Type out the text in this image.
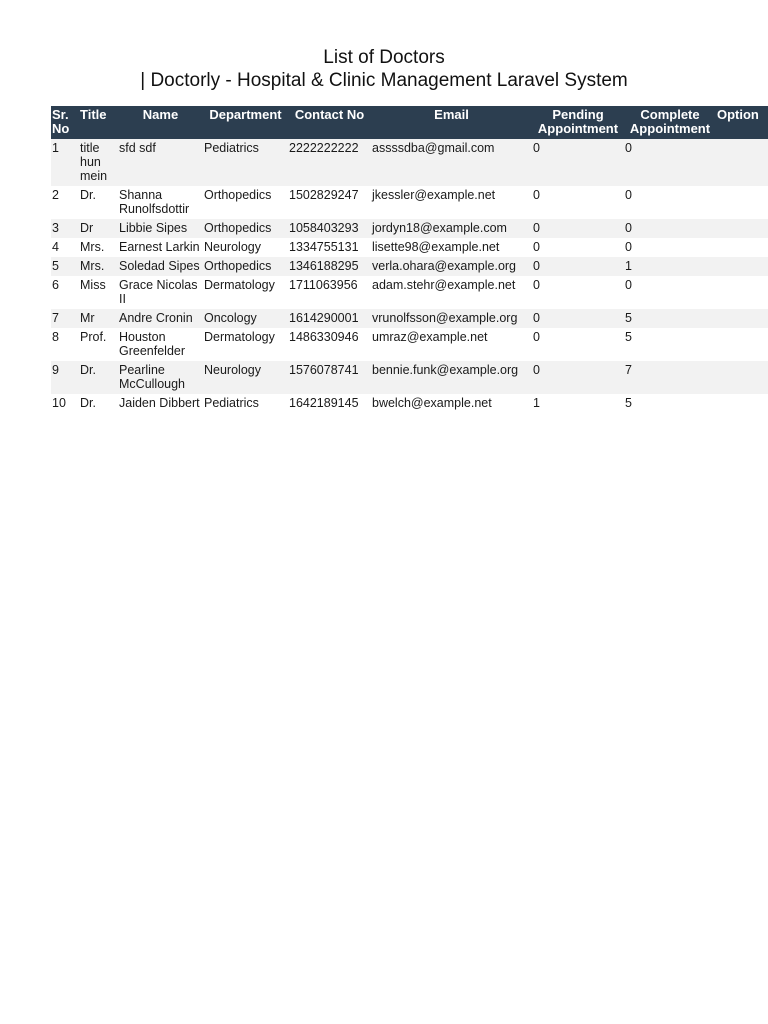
List of Doctors
| Doctorly - Hospital & Clinic Management Laravel System
Sr. No	Title	Name	Department	Contact No	Email	Pending Appointment	Complete Appointment	Option
1	title hun mein	sfd sdf	Pediatrics	2222222222	assssdba@gmail.com	0	0	
2	Dr.	Shanna Runolfsdottir	Orthopedics	1502829247	jkessler@example.net	0	0	
3	Dr	Libbie Sipes	Orthopedics	1058403293	jordyn18@example.com	0	0	
4	Mrs.	Earnest Larkin	Neurology	1334755131	lisette98@example.net	0	0	
5	Mrs.	Soledad Sipes	Orthopedics	1346188295	verla.ohara@example.org	0	1	
6	Miss	Grace Nicolas II	Dermatology	1711063956	adam.stehr@example.net	0	0	
7	Mr	Andre Cronin	Oncology	1614290001	vrunolfsson@example.org	0	5	
8	Prof.	Houston Greenfelder	Dermatology	1486330946	umraz@example.net	0	5	
9	Dr.	Pearline McCullough	Neurology	1576078741	bennie.funk@example.org	0	7	
10	Dr.	Jaiden Dibbert	Pediatrics	1642189145	bwelch@example.net	1	5	
